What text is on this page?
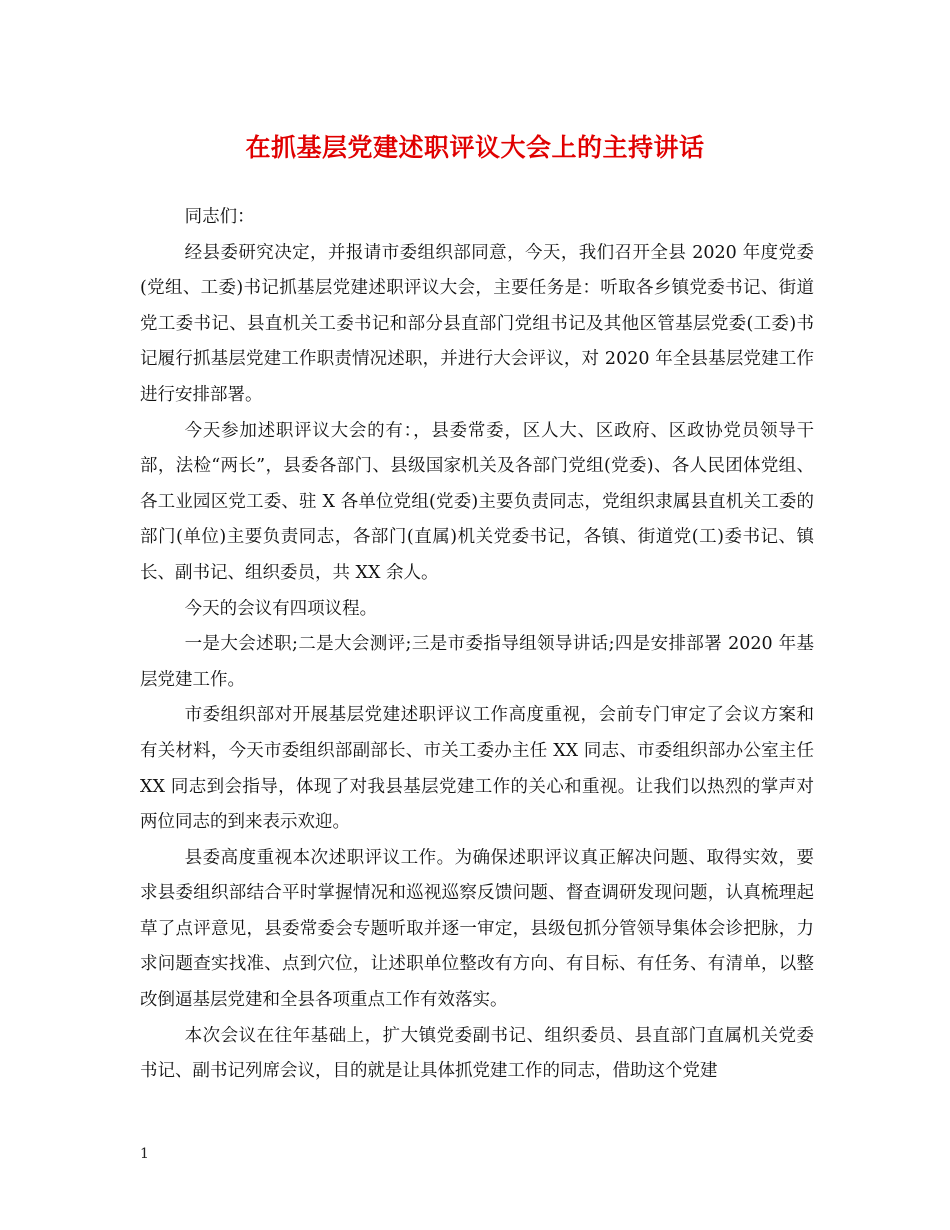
在抓基层党建述职评议大会上的主持讲话

同志们：

经县委研究决定，并报请市委组织部同意，今天，我们召开全县 2020 年度党委(党组、工委)书记抓基层党建述职评议大会，主要任务是：听取各乡镇党委书记、街道党工委书记、县直机关工委书记和部分县直部门党组书记及其他区管基层党委(工委)书记履行抓基层党建工作职责情况述职，并进行大会评议，对 2020 年全县基层党建工作进行安排部署。

今天参加述职评议大会的有：，县委常委，区人大、区政府、区政协党员领导干部，法检“两长”，县委各部门、县级国家机关及各部门党组(党委)、各人民团体党组、各工业园区党工委、驻 X 各单位党组(党委)主要负责同志，党组织隶属县直机关工委的部门(单位)主要负责同志，各部门(直属)机关党委书记，各镇、街道党(工)委书记、镇长、副书记、组织委员，共 XX 余人。

今天的会议有四项议程。

一是大会述职;二是大会测评;三是市委指导组领导讲话;四是安排部署 2020 年基层党建工作。

市委组织部对开展基层党建述职评议工作高度重视，会前专门审定了会议方案和有关材料，今天市委组织部副部长、市关工委办主任 XX 同志、市委组织部办公室主任 XX 同志到会指导，体现了对我县基层党建工作的关心和重视。让我们以热烈的掌声对两位同志的到来表示欢迎。

县委高度重视本次述职评议工作。为确保述职评议真正解决问题、取得实效，要求县委组织部结合平时掌握情况和巡视巡察反馈问题、督查调研发现问题，认真梳理起草了点评意见，县委常委会专题听取并逐一审定，县级包抓分管领导集体会诊把脉，力求问题查实找准、点到穴位，让述职单位整改有方向、有目标、有任务、有清单，以整改倒逼基层党建和全县各项重点工作有效落实。

本次会议在往年基础上，扩大镇党委副书记、组织委员、县直部门直属机关党委书记、副书记列席会议，目的就是让具体抓党建工作的同志，借助这个党建

1
